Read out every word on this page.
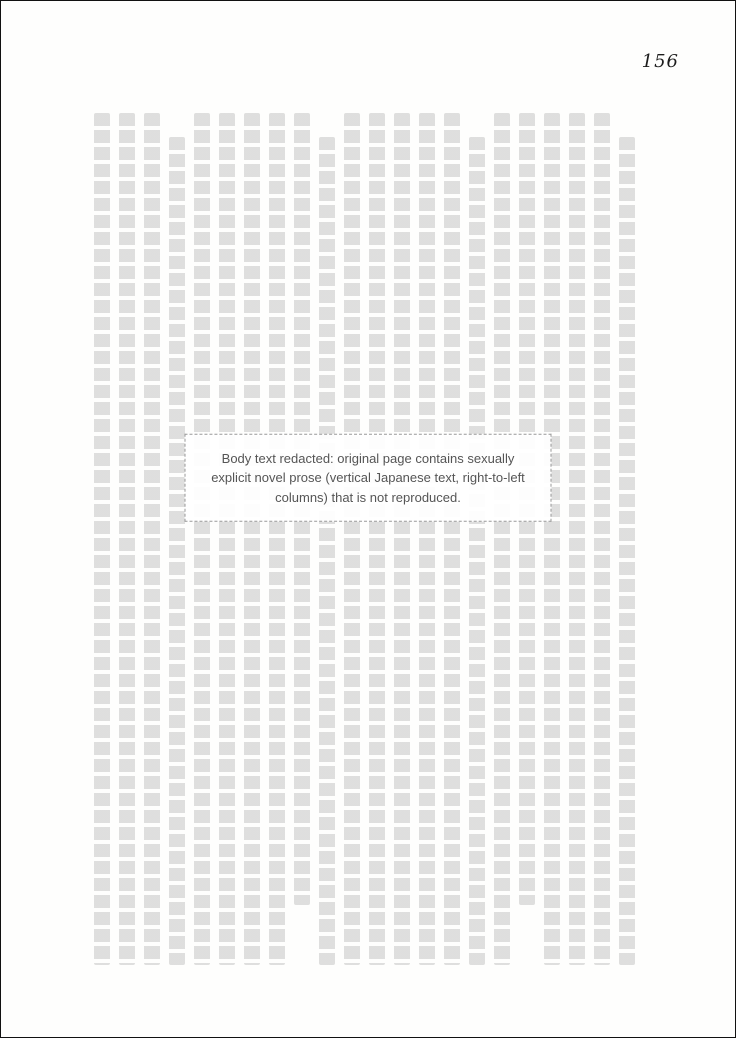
156
Body text redacted: original page contains sexually explicit novel prose (vertical Japanese text, right-to-left columns) that is not reproduced.
